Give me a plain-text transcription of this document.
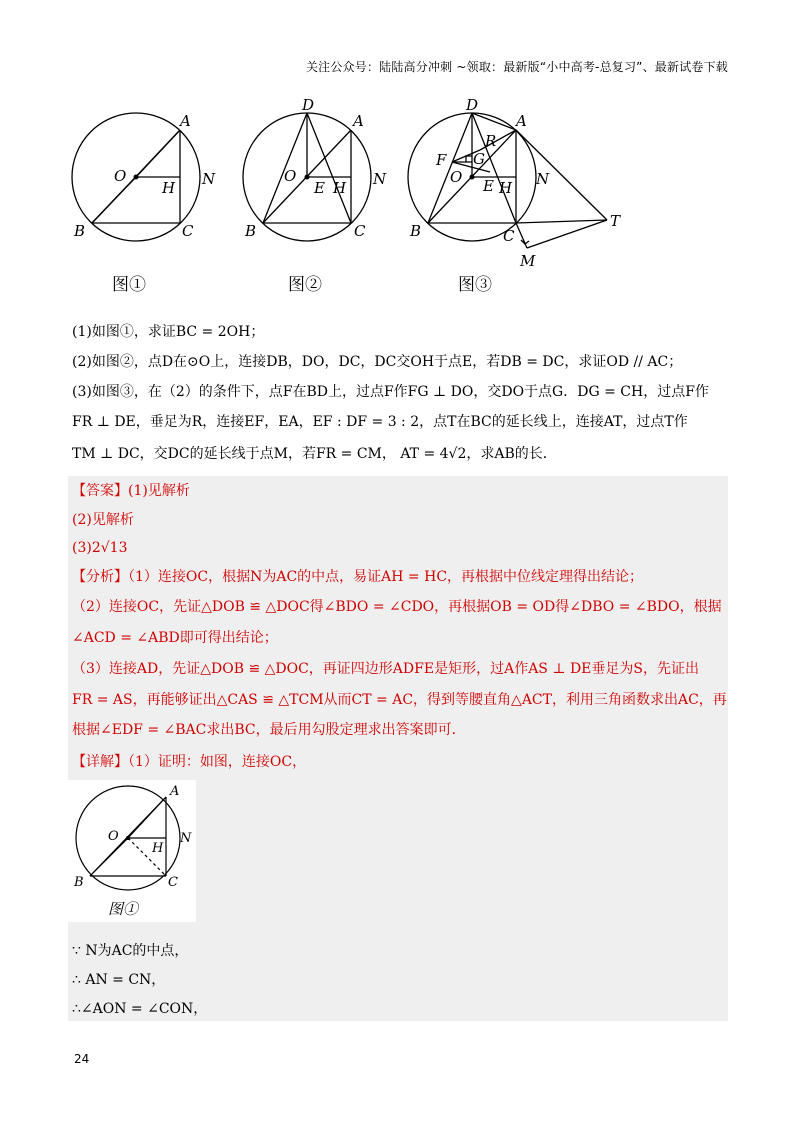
关注公众号：陆陆高分冲刺 ~领取：最新版“小中高考-总复习”、最新试卷下载
A
O
H N
B	C
D
A
O
E H N
B	C
D
A
R
F G
O E H N
B	C
T
M
图①	图②	图③
(1)如图①，求证BC = 2OH；
(2)如图②，点D在⊙O上，连接DB，DO，DC，DC交OH于点E，若DB = DC，求证OD // AC；
(3)如图③，在（2）的条件下，点F在BD上，过点F作FG ⊥ DO，交DO于点G．DG = CH，过点F作
FR ⊥ DE，垂足为R，连接EF，EA，EF : DF = 3 : 2，点T在BC的延长线上，连接AT，过点T作
TM ⊥ DC，交DC的延长线于点M，若FR = CM， AT = 4√2，求AB的长．
【答案】(1)见解析
(2)见解析
(3)2√13
【分析】（1）连接OC，根据N为AC的中点，易证AH = HC，再根据中位线定理得出结论；
（2）连接OC，先证△DOB ≌ △DOC得∠BDO = ∠CDO，再根据OB = OD得∠DBO = ∠BDO，根据
∠ACD = ∠ABD即可得出结论；
（3）连接AD，先证△DOB ≌ △DOC，再证四边形ADFE是矩形，过A作AS ⊥ DE垂足为S，先证出
FR = AS，再能够证出△CAS ≌ △TCM从而CT = AC，得到等腰直角△ACT，利用三角函数求出AC，再
根据∠EDF = ∠BAC求出BC，最后用勾股定理求出答案即可．
【详解】（1）证明：如图，连接OC，
A
O	N
H
B	C
图①
∵ N为AC的中点，
∴ AN = CN，
∴∠AON = ∠CON，
24
